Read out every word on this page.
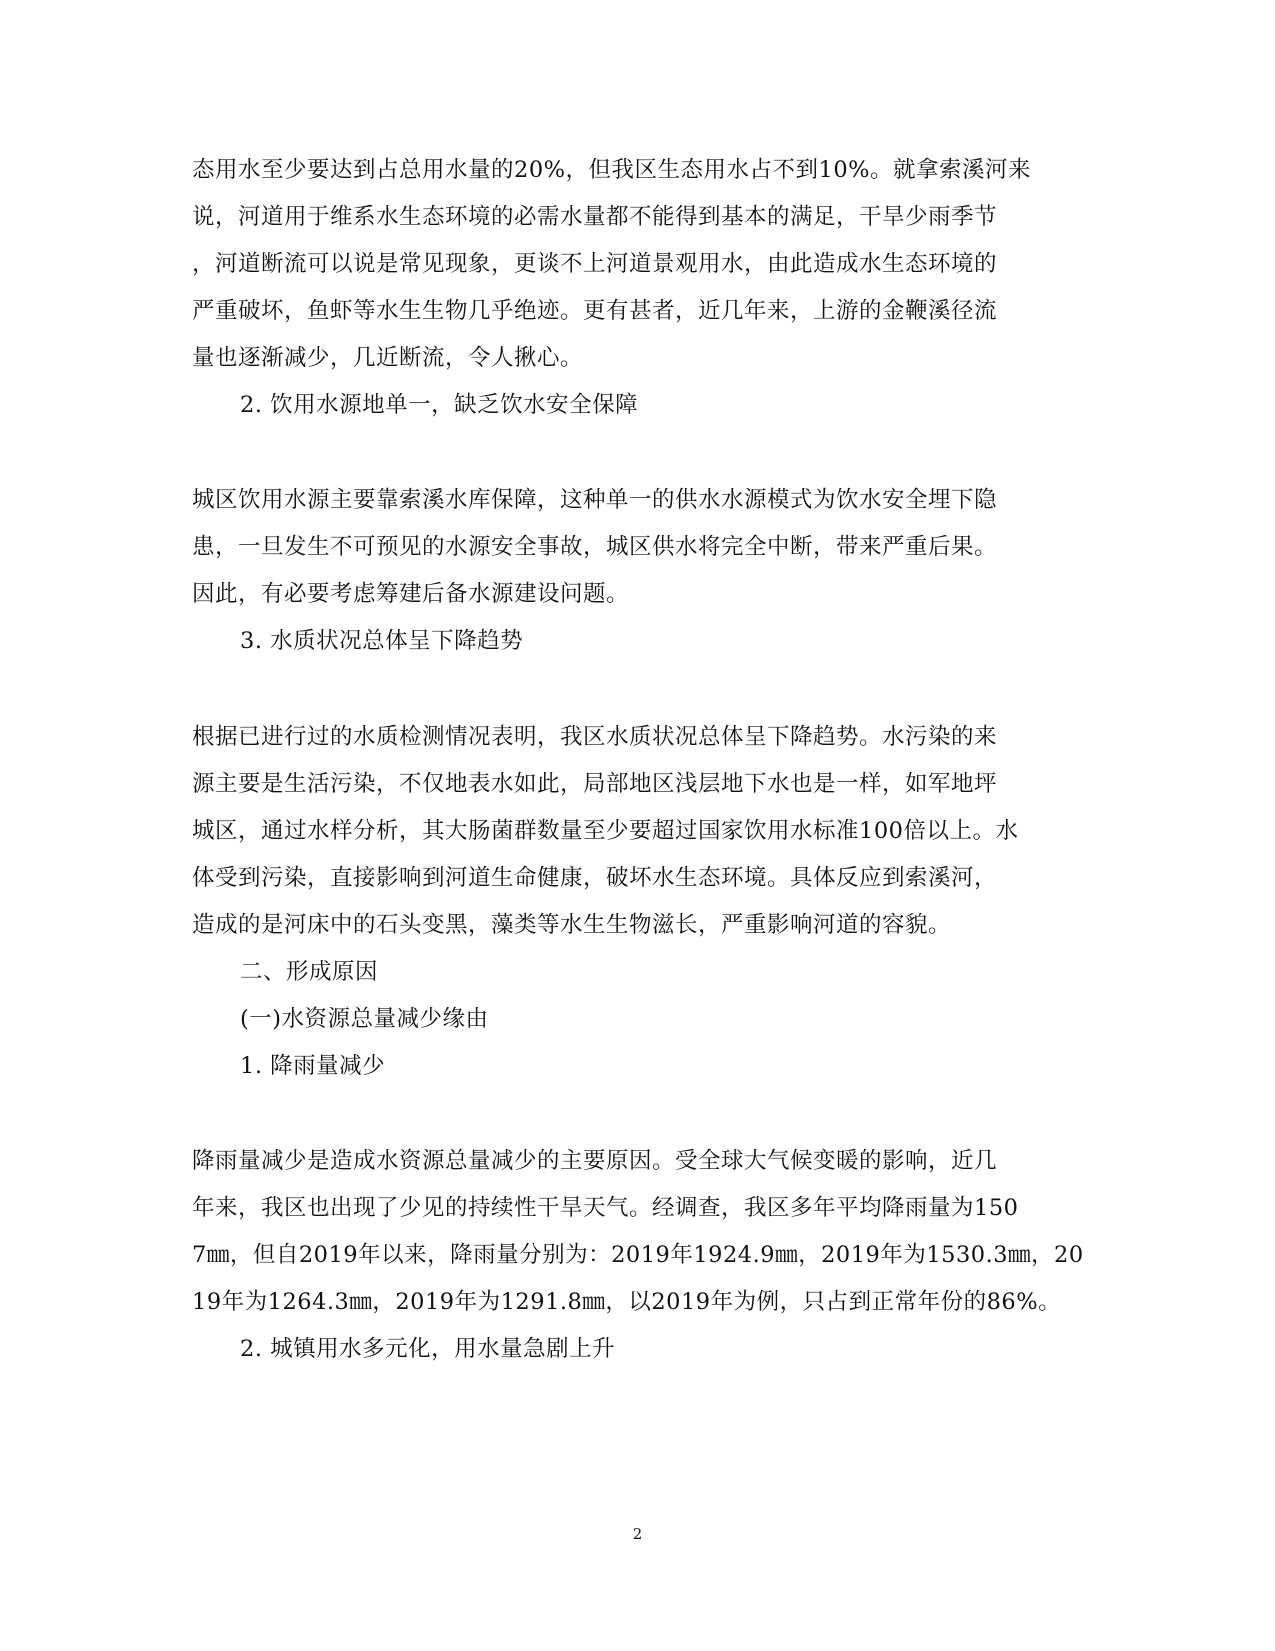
态用水至少要达到占总用水量的20%，但我区生态用水占不到10%。就拿索溪河来
说，河道用于维系水生态环境的必需水量都不能得到基本的满足，干旱少雨季节
，河道断流可以说是常见现象，更谈不上河道景观用水，由此造成水生态环境的
严重破坏，鱼虾等水生生物几乎绝迹。更有甚者，近几年来，上游的金鞭溪径流
量也逐渐减少，几近断流，令人揪心。
2. 饮用水源地单一，缺乏饮水安全保障
城区饮用水源主要靠索溪水库保障，这种单一的供水水源模式为饮水安全埋下隐
患，一旦发生不可预见的水源安全事故，城区供水将完全中断，带来严重后果。
因此，有必要考虑筹建后备水源建设问题。
3. 水质状况总体呈下降趋势
根据已进行过的水质检测情况表明，我区水质状况总体呈下降趋势。水污染的来
源主要是生活污染，不仅地表水如此，局部地区浅层地下水也是一样，如军地坪
城区，通过水样分析，其大肠菌群数量至少要超过国家饮用水标准100倍以上。水
体受到污染，直接影响到河道生命健康，破坏水生态环境。具体反应到索溪河，
造成的是河床中的石头变黑，藻类等水生生物滋长，严重影响河道的容貌。
二、形成原因
(一)水资源总量减少缘由
1. 降雨量减少
降雨量减少是造成水资源总量减少的主要原因。受全球大气候变暖的影响，近几
年来，我区也出现了少见的持续性干旱天气。经调查，我区多年平均降雨量为150
7㎜，但自2019年以来，降雨量分别为：2019年1924.9㎜，2019年为1530.3㎜，20
19年为1264.3㎜，2019年为1291.8㎜，以2019年为例，只占到正常年份的86%。
2. 城镇用水多元化，用水量急剧上升
2
